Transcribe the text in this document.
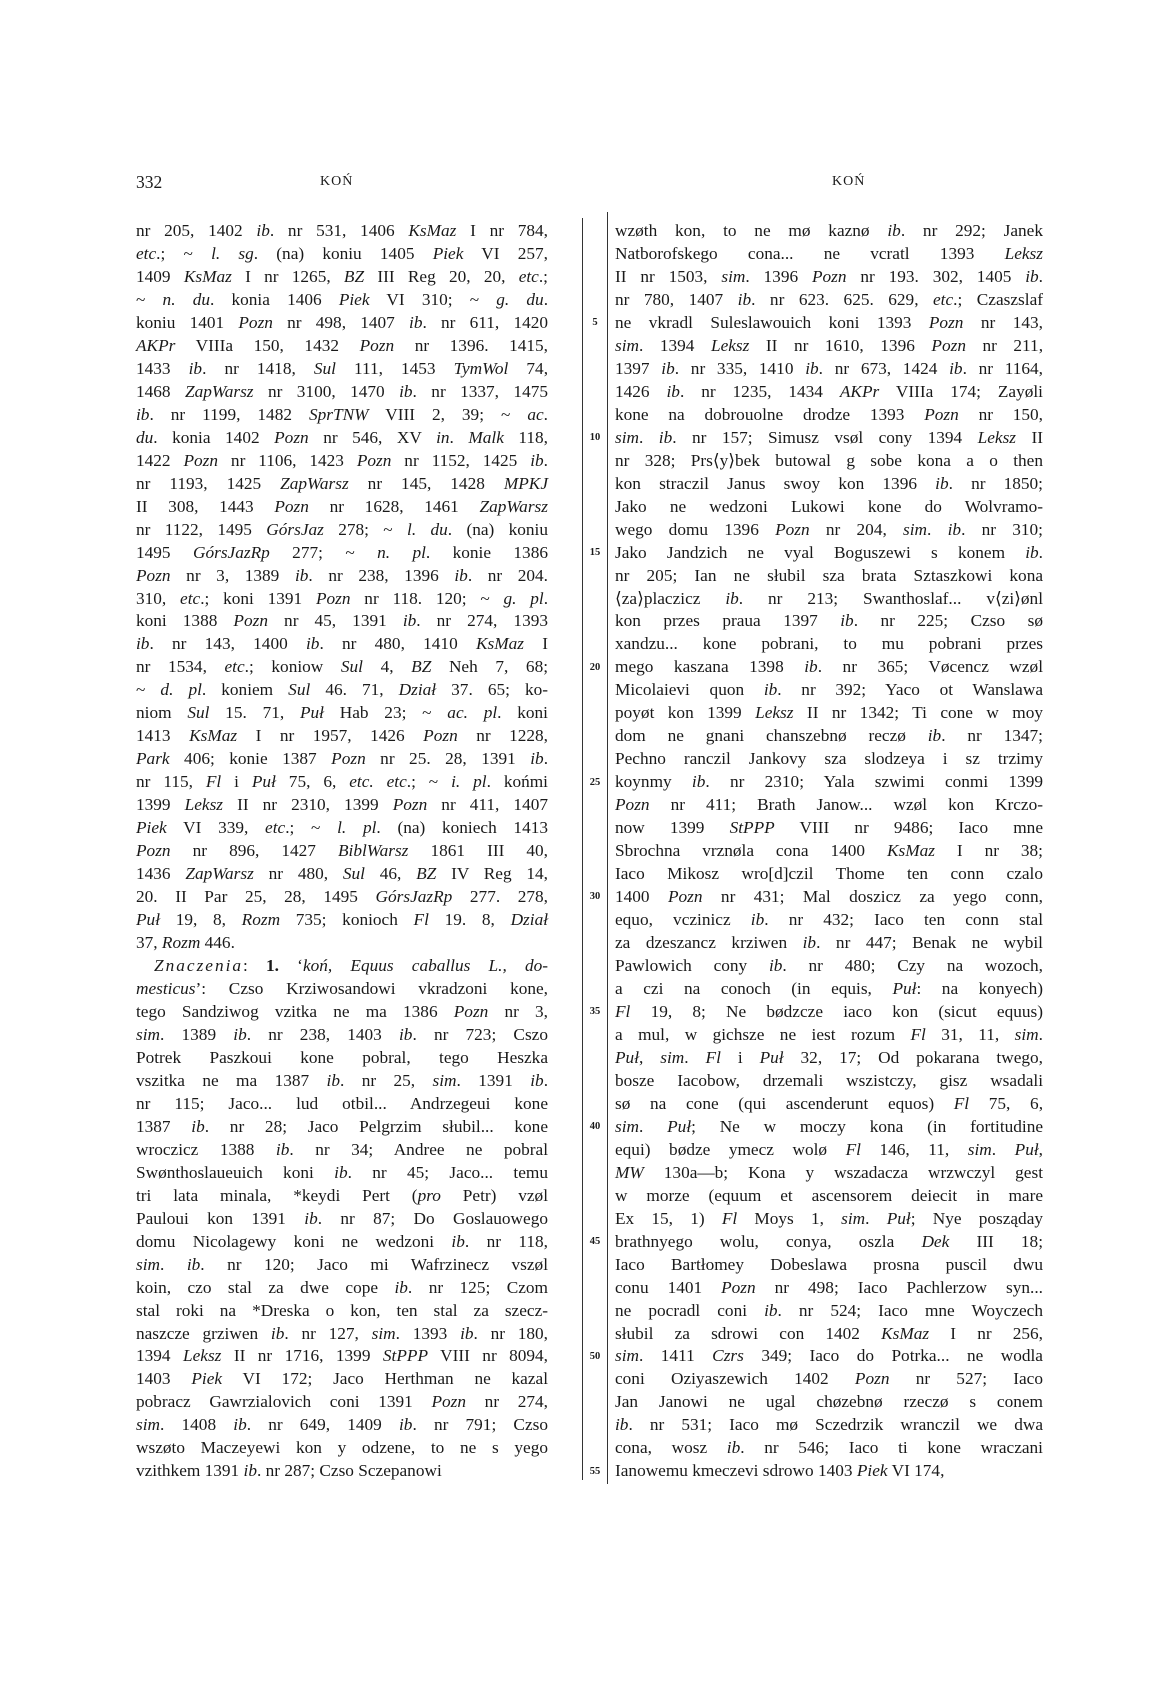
332	KOŃ	KOŃ
nr 205, 1402 ib. nr 531, 1406 KsMaz I nr 784,
etc.; ~ l. sg. (na) koniu 1405 Piek VI 257,
1409 KsMaz I nr 1265, BZ III Reg 20, 20, etc.;
~ n. du. konia 1406 Piek VI 310; ~ g. du.
koniu 1401 Pozn nr 498, 1407 ib. nr 611, 1420
AKPr VIIIa 150, 1432 Pozn nr 1396. 1415,
1433 ib. nr 1418, Sul 111, 1453 TymWol 74,
1468 ZapWarsz nr 3100, 1470 ib. nr 1337, 1475
ib. nr 1199, 1482 SprTNW VIII 2, 39; ~ ac.
du. konia 1402 Pozn nr 546, XV in. Malk 118,
1422 Pozn nr 1106, 1423 Pozn nr 1152, 1425 ib.
nr 1193, 1425 ZapWarsz nr 145, 1428 MPKJ
II 308, 1443 Pozn nr 1628, 1461 ZapWarsz
nr 1122, 1495 GórsJaz 278; ~ l. du. (na) koniu
1495 GórsJazRp 277; ~ n. pl. konie 1386
Pozn nr 3, 1389 ib. nr 238, 1396 ib. nr 204.
310, etc.; koni 1391 Pozn nr 118. 120; ~ g. pl.
koni 1388 Pozn nr 45, 1391 ib. nr 274, 1393
ib. nr 143, 1400 ib. nr 480, 1410 KsMaz I
nr 1534, etc.; koniow Sul 4, BZ Neh 7, 68;
~ d. pl. koniem Sul 46. 71, Dział 37. 65; ko-
niom Sul 15. 71, Puł Hab 23; ~ ac. pl. koni
1413 KsMaz I nr 1957, 1426 Pozn nr 1228,
Park 406; konie 1387 Pozn nr 25. 28, 1391 ib.
nr 115, Fl i Puł 75, 6, etc. etc.; ~ i. pl. końmi
1399 Leksz II nr 2310, 1399 Pozn nr 411, 1407
Piek VI 339, etc.; ~ l. pl. (na) koniech 1413
Pozn nr 896, 1427 BiblWarsz 1861 III 40,
1436 ZapWarsz nr 480, Sul 46, BZ IV Reg 14,
20. II Par 25, 28, 1495 GórsJazRp 277. 278,
Puł 19, 8, Rozm 735; konioch Fl 19. 8, Dział
37, Rozm 446.
Znaczenia: 1. ‘koń, Equus caballus L., do-
mesticus’: Czso Krziwosandowi vkradzoni kone,
tego Sandziwog vzitka ne ma 1386 Pozn nr 3,
sim. 1389 ib. nr 238, 1403 ib. nr 723; Cszo
Potrek Paszkoui kone pobral, tego Heszka
vszitka ne ma 1387 ib. nr 25, sim. 1391 ib.
nr 115; Jaco... lud otbil... Andrzegeui kone
1387 ib. nr 28; Jaco Pelgrzim słubil... kone
wroczicz 1388 ib. nr 34; Andree ne pobral
Swønthoslaueuich koni ib. nr 45; Jaco... temu
tri lata minala, *keydi Pert (pro Petr) vzøl
Pauloui kon 1391 ib. nr 87; Do Goslauowego
domu Nicolagewy koni ne wedzoni ib. nr 118,
sim. ib. nr 120; Jaco mi Wafrzinecz vszøl
koin, czo stal za dwe cope ib. nr 125; Czom
stal roki na *Dreska o kon, ten stal za szecz-
naszcze grziwen ib. nr 127, sim. 1393 ib. nr 180,
1394 Leksz II nr 1716, 1399 StPPP VIII nr 8094,
1403 Piek VI 172; Jaco Herthman ne kazal
pobracz Gawrzialovich coni 1391 Pozn nr 274,
sim. 1408 ib. nr 649, 1409 ib. nr 791; Czso
wszøto Maczeyewi kon y odzene, to ne s yego
vzithkem 1391 ib. nr 287; Czso Sczepanowi
5
10
15
20
25
30
35
40
45
50
55
wzøth kon, to ne mø kaznø ib. nr 292; Janek
Natborofskego cona... ne vcratl 1393 Leksz
II nr 1503, sim. 1396 Pozn nr 193. 302, 1405 ib.
nr 780, 1407 ib. nr 623. 625. 629, etc.; Czaszslaf
ne vkradl Suleslawouich koni 1393 Pozn nr 143,
sim. 1394 Leksz II nr 1610, 1396 Pozn nr 211,
1397 ib. nr 335, 1410 ib. nr 673, 1424 ib. nr 1164,
1426 ib. nr 1235, 1434 AKPr VIIIa 174; Zayøli
kone na dobrouolne drodze 1393 Pozn nr 150,
sim. ib. nr 157; Simusz vsøl cony 1394 Leksz II
nr 328; Prs⟨y⟩bek butowal g sobe kona a o then
kon straczil Janus swoy kon 1396 ib. nr 1850;
Jako ne wedzoni Lukowi kone do Wolvramo-
wego domu 1396 Pozn nr 204, sim. ib. nr 310;
Jako Jandzich ne vyal Boguszewi s konem ib.
nr 205; Ian ne słubil sza brata Sztaszkowi kona
⟨za⟩placzicz ib. nr 213; Swanthoslaf... v⟨zi⟩ønl
kon przes praua 1397 ib. nr 225; Czso sø
xandzu... kone pobrani, to mu pobrani przes
mego kaszana 1398 ib. nr 365; Vøcencz wzøl
Micolaievi quon ib. nr 392; Yaco ot Wanslawa
poyøt kon 1399 Leksz II nr 1342; Ti cone w moy
dom ne gnani chanszebnø reczø ib. nr 1347;
Pechno ranczil Jankovy sza slodzeya i sz trzimy
koynmy ib. nr 2310; Yala szwimi conmi 1399
Pozn nr 411; Brath Janow... wzøl kon Krczo-
now 1399 StPPP VIII nr 9486; Iaco mne
Sbrochna vrznøla cona 1400 KsMaz I nr 38;
Iaco Mikosz wro[d]czil Thome ten conn czalo
1400 Pozn nr 431; Mal doszicz za yego conn,
equo, vczinicz ib. nr 432; Iaco ten conn stal
za dzeszancz krziwen ib. nr 447; Benak ne wybil
Pawlowich cony ib. nr 480; Czy na wozoch,
a czi na conoch (in equis, Puł: na konyech)
Fl 19, 8; Ne bødzcze iaco kon (sicut equus)
a mul, w gichsze ne iest rozum Fl 31, 11, sim.
Puł, sim. Fl i Puł 32, 17; Od pokarana twego,
bosze Iacobow, drzemali wszistczy, gisz wsadali
sø na cone (qui ascenderunt equos) Fl 75, 6,
sim. Puł; Ne w moczy kona (in fortitudine
equi) bødze ymecz wolø Fl 146, 11, sim. Puł,
MW 130a—b; Kona y wszadacza wrzwczyl gest
w morze (equum et ascensorem deiecit in mare
Ex 15, 1) Fl Moys 1, sim. Puł; Nye posząday
brathnyego wolu, conya, oszla Dek III 18;
Iaco Bartłomey Dobeslawa prosna puscil dwu
conu 1401 Pozn nr 498; Iaco Pachlerzow syn...
ne pocradl coni ib. nr 524; Iaco mne Woyczech
słubil za sdrowi con 1402 KsMaz I nr 256,
sim. 1411 Czrs 349; Iaco do Potrka... ne wodla
coni Oziyaszewich 1402 Pozn nr 527; Iaco
Jan Janowi ne ugal chøzebnø rzeczø s conem
ib. nr 531; Iaco mø Sczedrzik wranczil we dwa
cona, wosz ib. nr 546; Iaco ti kone wraczani
Ianowemu kmeczevi sdrowo 1403 Piek VI 174,
